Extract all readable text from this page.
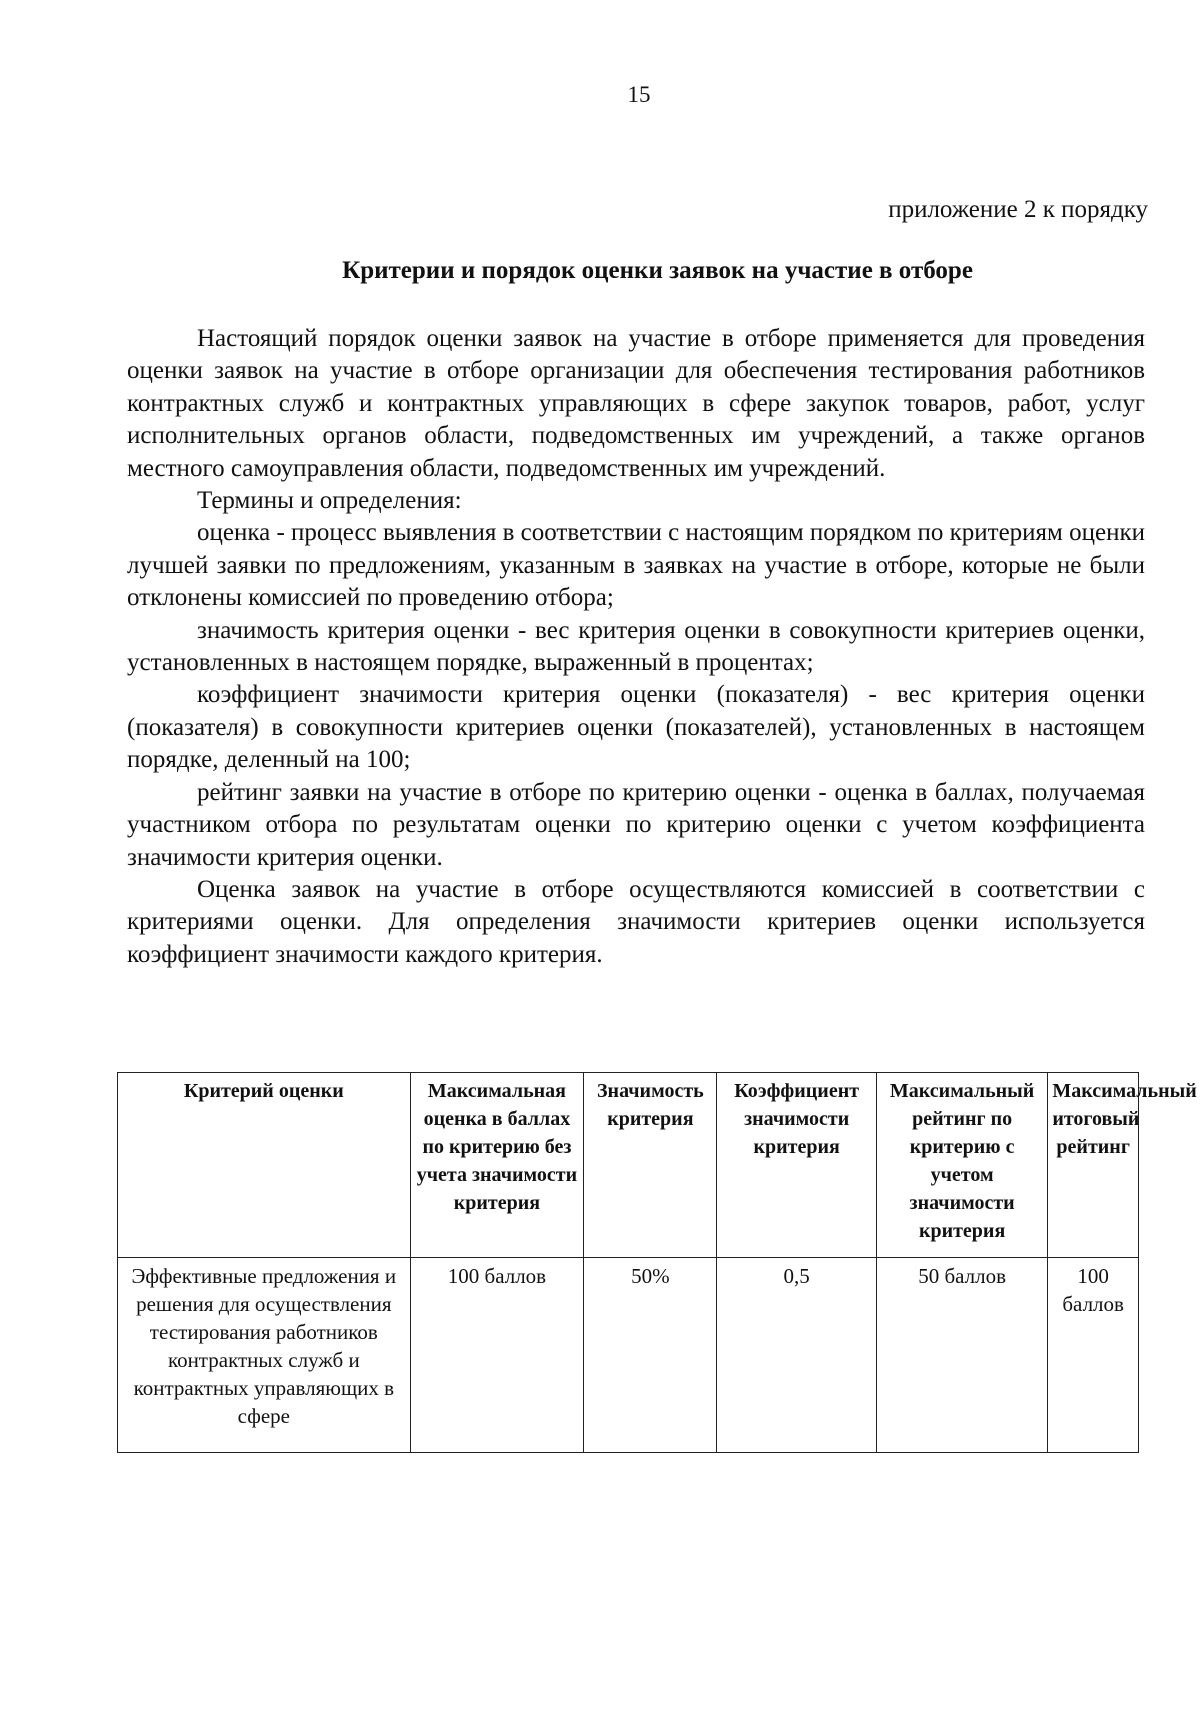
15
приложение 2 к порядку
Критерии и порядок оценки заявок на участие в отборе

Настоящий порядок оценки заявок на участие в отборе применяется для проведения оценки заявок на участие в отборе организации для обеспечения тестирования работников контрактных служб и контрактных управляющих в сфере закупок товаров, работ, услуг исполнительных органов области, подведомственных им учреждений, а также органов местного самоуправления области, подведомственных им учреждений.

Термины и определения:

оценка - процесс выявления в соответствии с настоящим порядком по критериям оценки лучшей заявки по предложениям, указанным в заявках на участие в отборе, которые не были отклонены комиссией по проведению отбора;

значимость критерия оценки - вес критерия оценки в совокупности критериев оценки, установленных в настоящем порядке, выраженный в процентах;

коэффициент значимости критерия оценки (показателя) - вес критерия оценки (показателя) в совокупности критериев оценки (показателей), установленных в настоящем порядке, деленный на 100;

рейтинг заявки на участие в отборе по критерию оценки - оценка в баллах, получаемая участником отбора по результатам оценки по критерию оценки с учетом коэффициента значимости критерия оценки.

Оценка заявок на участие в отборе осуществляются комиссией в соответствии с критериями оценки. Для определения значимости критериев оценки используется коэффициент значимости каждого критерия.

Критерий оценки	Максимальная оценка в баллах по критерию без учета значимости критерия	Значимость критерия	Коэффициент значимости критерия	Максимальный рейтинг по критерию с учетом значимости критерия	Максимальный итоговый рейтинг
Эффективные предложения и решения для осуществления тестирования работников контрактных служб и контрактных управляющих в сфере	100 баллов	50%	0,5	50 баллов	100 баллов
